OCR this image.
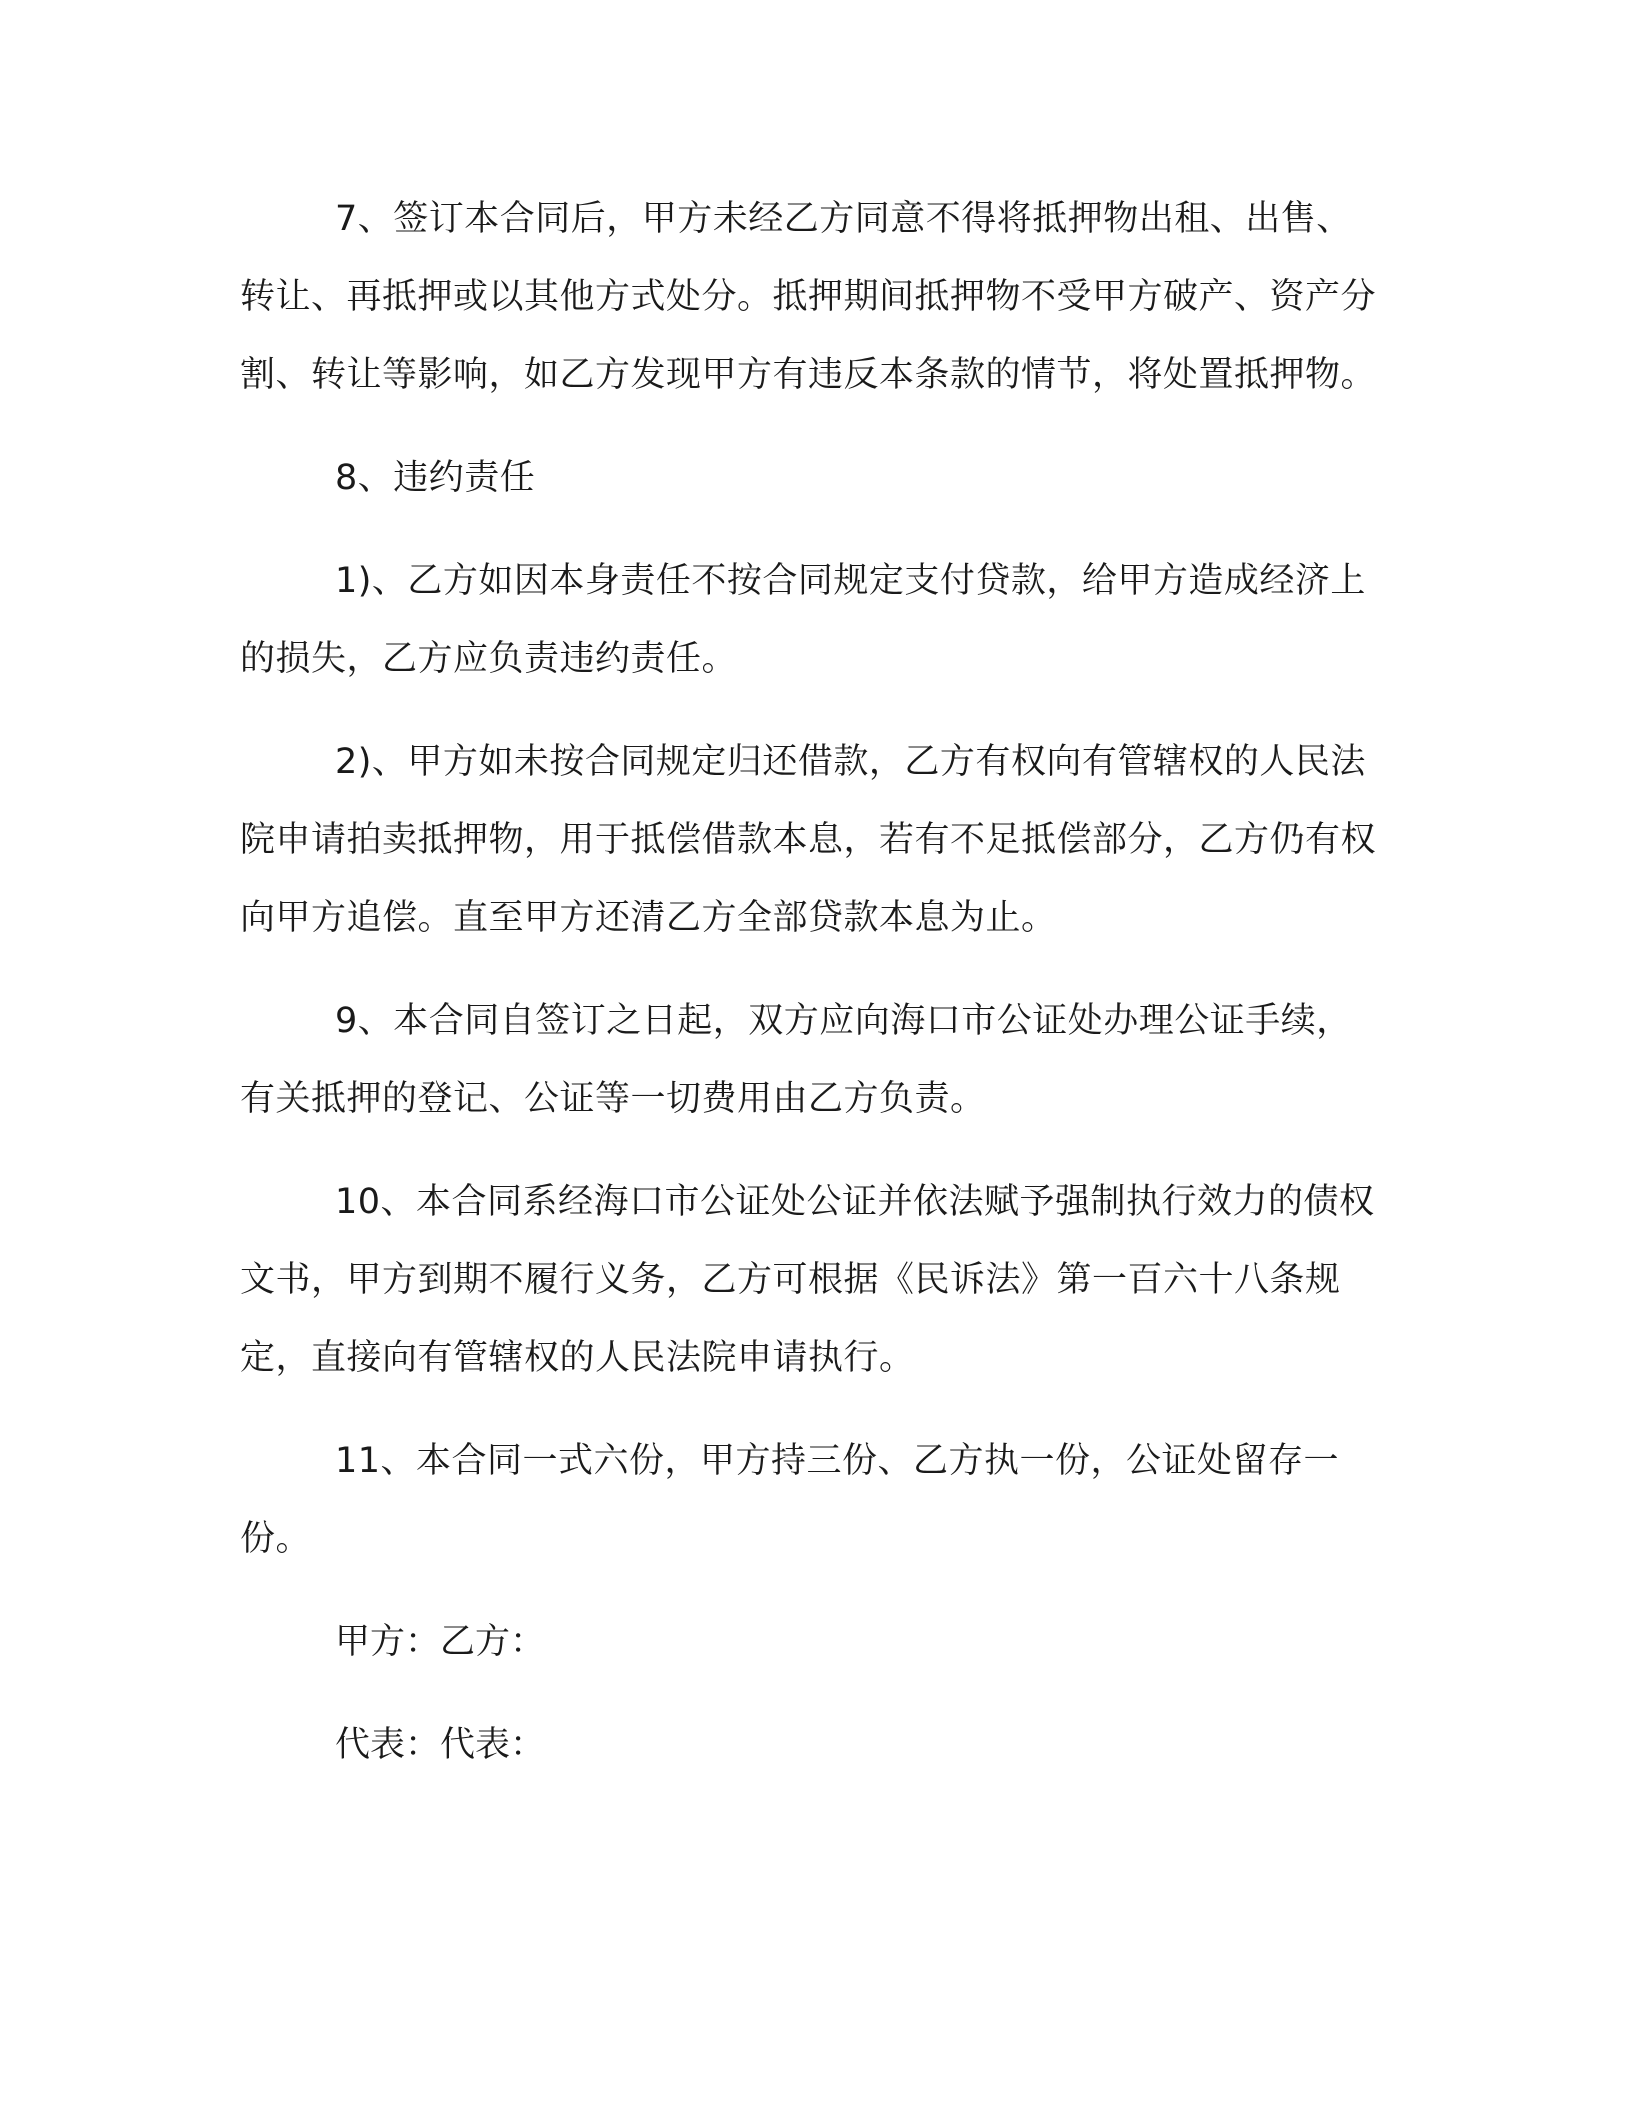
7、签订本合同后，甲方未经乙方同意不得将抵押物出租、出售、转让、再抵押或以其他方式处分。抵押期间抵押物不受甲方破产、资产分割、转让等影响，如乙方发现甲方有违反本条款的情节，将处置抵押物。

8、违约责任

1)、乙方如因本身责任不按合同规定支付贷款，给甲方造成经济上的损失，乙方应负责违约责任。

2)、甲方如未按合同规定归还借款，乙方有权向有管辖权的人民法院申请拍卖抵押物，用于抵偿借款本息，若有不足抵偿部分，乙方仍有权向甲方追偿。直至甲方还清乙方全部贷款本息为止。

9、本合同自签订之日起，双方应向海口市公证处办理公证手续，有关抵押的登记、公证等一切费用由乙方负责。

10、本合同系经海口市公证处公证并依法赋予强制执行效力的债权文书，甲方到期不履行义务，乙方可根据《民诉法》第一百六十八条规定，直接向有管辖权的人民法院申请执行。

11、本合同一式六份，甲方持三份、乙方执一份，公证处留存一份。

甲方：乙方：

代表：代表：
